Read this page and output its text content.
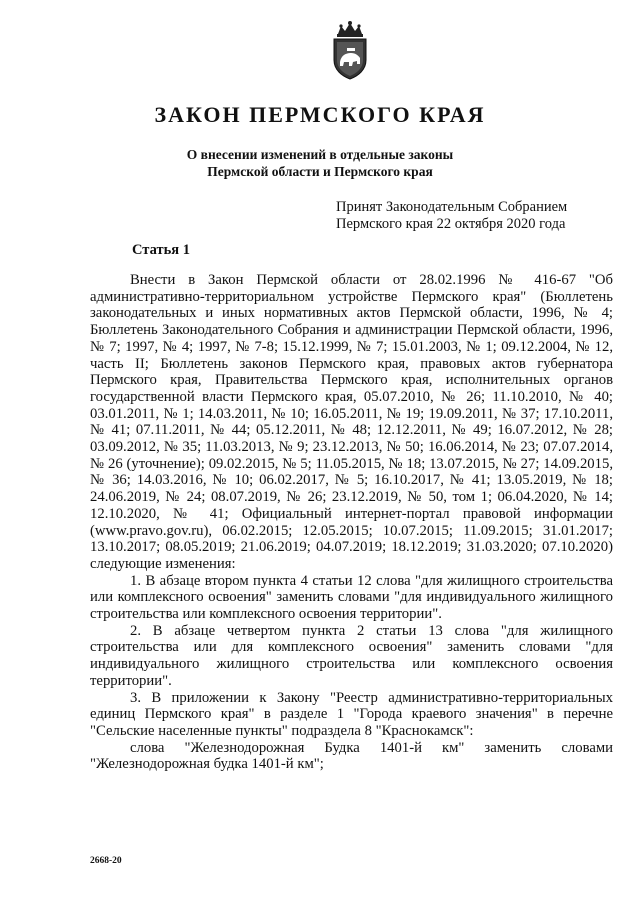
ЗАКОН ПЕРМСКОГО КРАЯ
О внесении изменений в отдельные законы
Пермской области и Пермского края
Принят Законодательным Собранием
Пермского края 22 октября 2020 года
Статья 1

Внести в Закон Пермской области от 28.02.1996 № 416-67 "Об административно-территориальном устройстве Пермского края" (Бюллетень законодательных и иных нормативных актов Пермской области, 1996, № 4; Бюллетень Законодательного Собрания и администрации Пермской области, 1996, № 7; 1997, № 4; 1997, № 7-8; 15.12.1999, № 7; 15.01.2003, № 1; 09.12.2004, № 12, часть II; Бюллетень законов Пермского края, правовых актов губернатора Пермского края, Правительства Пермского края, исполнительных органов государственной власти Пермского края, 05.07.2010, № 26; 11.10.2010, № 40; 03.01.2011, № 1; 14.03.2011, № 10; 16.05.2011, № 19; 19.09.2011, № 37; 17.10.2011, № 41; 07.11.2011, № 44; 05.12.2011, № 48; 12.12.2011, № 49; 16.07.2012, № 28; 03.09.2012, № 35; 11.03.2013, № 9; 23.12.2013, № 50; 16.06.2014, № 23; 07.07.2014, № 26 (уточнение); 09.02.2015, № 5; 11.05.2015, № 18; 13.07.2015, № 27; 14.09.2015, № 36; 14.03.2016, № 10; 06.02.2017, № 5; 16.10.2017, № 41; 13.05.2019, № 18; 24.06.2019, № 24; 08.07.2019, № 26; 23.12.2019, № 50, том 1; 06.04.2020, № 14; 12.10.2020, № 41; Официальный интернет-портал правовой информации (www.pravo.gov.ru), 06.02.2015; 12.05.2015; 10.07.2015; 11.09.2015; 31.01.2017; 13.10.2017; 08.05.2019; 21.06.2019; 04.07.2019; 18.12.2019; 31.03.2020; 07.10.2020) следующие изменения:

1. В абзаце втором пункта 4 статьи 12 слова "для жилищного строительства или комплексного освоения" заменить словами "для индивидуального жилищного строительства или комплексного освоения территории".

2. В абзаце четвертом пункта 2 статьи 13 слова "для жилищного строительства или для комплексного освоения" заменить словами "для индивидуального жилищного строительства или комплексного освоения территории".

3. В приложении к Закону "Реестр административно-территориальных единиц Пермского края" в разделе 1 "Города краевого значения" в перечне "Сельские населенные пункты" подраздела 8 "Краснокамск":

слова "Железнодорожная Будка 1401-й км" заменить словами "Железнодорожная будка 1401-й км";

2668-20
